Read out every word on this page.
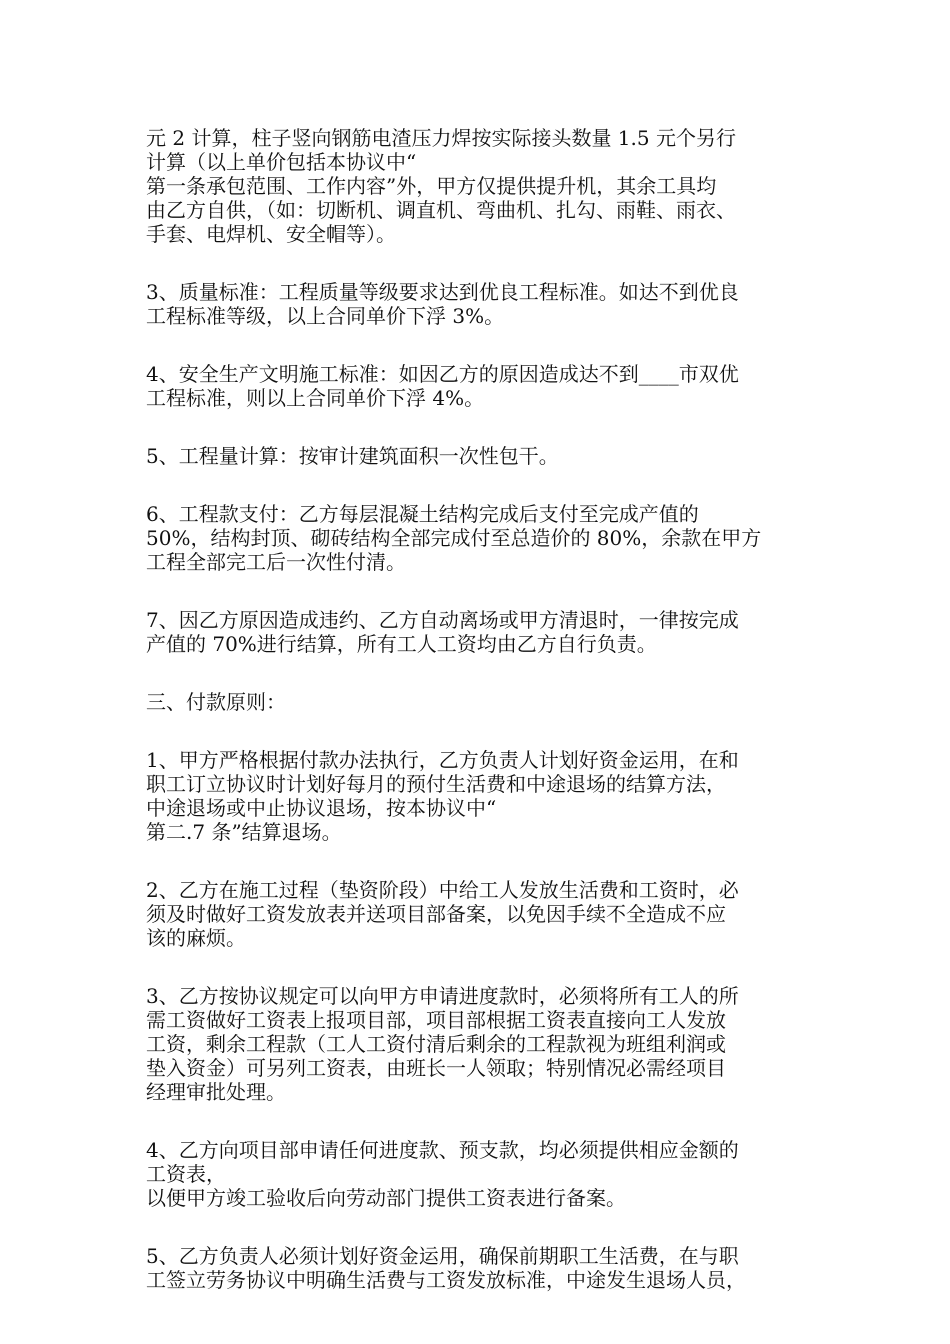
元 2 计算，柱子竖向钢筋电渣压力焊按实际接头数量 1.5 元个另行
计算（以上单价包括本协议中“
第一条承包范围、工作内容”外，甲方仅提供提升机，其余工具均
由乙方自供，（如：切断机、调直机、弯曲机、扎勾、雨鞋、雨衣、
手套、电焊机、安全帽等）。
3、质量标准：工程质量等级要求达到优良工程标准。如达不到优良
工程标准等级，以上合同单价下浮 3%。
4、安全生产文明施工标准：如因乙方的原因造成达不到____市双优
工程标准，则以上合同单价下浮 4%。
5、工程量计算：按审计建筑面积一次性包干。
6、工程款支付：乙方每层混凝土结构完成后支付至完成产值的
50%，结构封顶、砌砖结构全部完成付至总造价的 80%，余款在甲方
工程全部完工后一次性付清。
7、因乙方原因造成违约、乙方自动离场或甲方清退时，一律按完成
产值的 70%进行结算，所有工人工资均由乙方自行负责。
三、付款原则：
1、甲方严格根据付款办法执行，乙方负责人计划好资金运用，在和
职工订立协议时计划好每月的预付生活费和中途退场的结算方法，
中途退场或中止协议退场，按本协议中“
第二.7 条”结算退场。
2、乙方在施工过程（垫资阶段）中给工人发放生活费和工资时，必
须及时做好工资发放表并送项目部备案，以免因手续不全造成不应
该的麻烦。
3、乙方按协议规定可以向甲方申请进度款时，必须将所有工人的所
需工资做好工资表上报项目部，项目部根据工资表直接向工人发放
工资，剩余工程款（工人工资付清后剩余的工程款视为班组利润或
垫入资金）可另列工资表，由班长一人领取；特别情况必需经项目
经理审批处理。
4、乙方向项目部申请任何进度款、预支款，均必须提供相应金额的
工资表，
以便甲方竣工验收后向劳动部门提供工资表进行备案。
5、乙方负责人必须计划好资金运用，确保前期职工生活费，在与职
工签立劳务协议中明确生活费与工资发放标准，中途发生退场人员，
